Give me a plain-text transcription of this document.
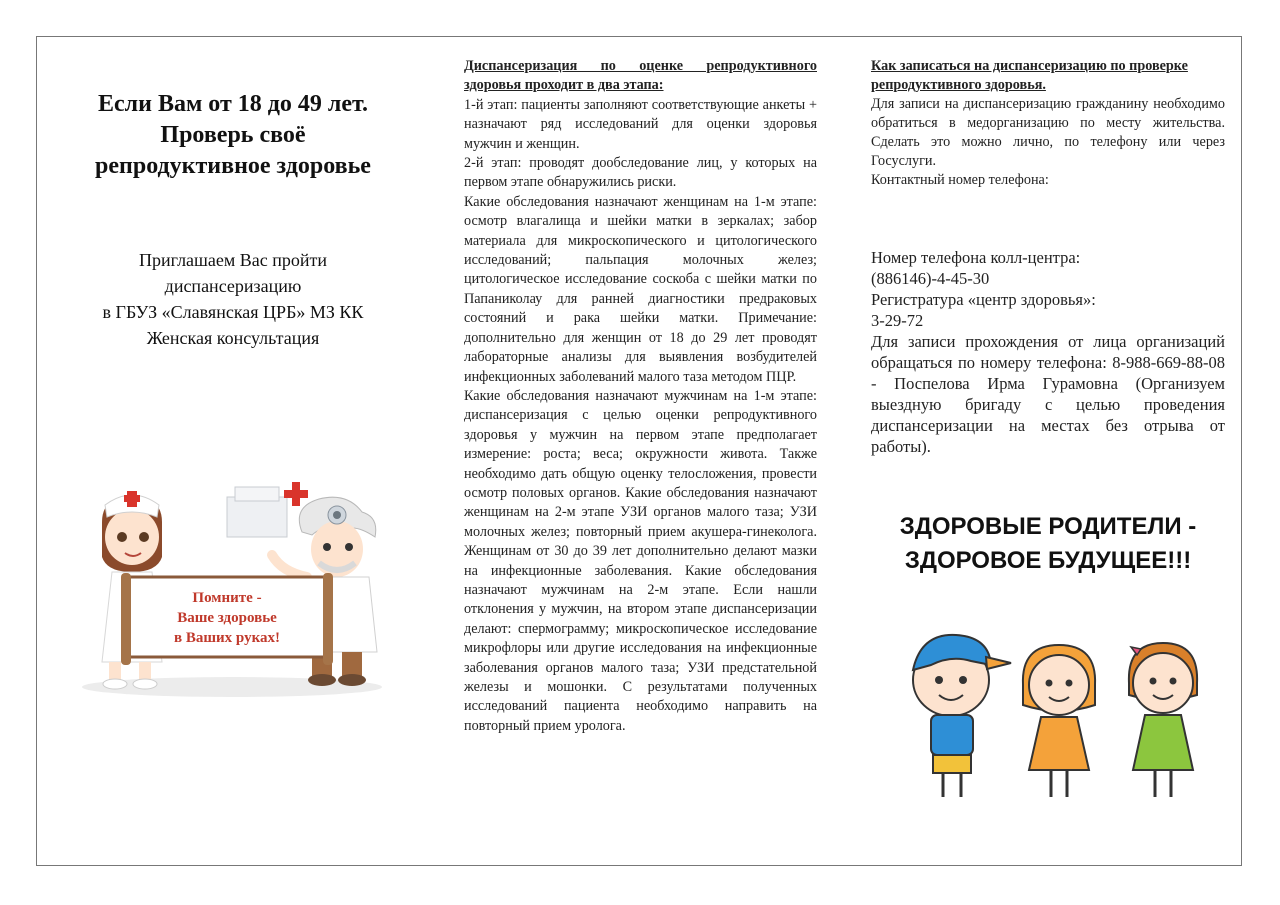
Если Вам от 18 до 49 лет.
Проверь своё
репродуктивное здоровье
Приглашаем Вас пройти
диспансеризацию
в ГБУЗ «Славянская ЦРБ» МЗ КК
Женская консультация
Помните -
Ваше здоровье
в Ваших руках!

Диспансеризация по оценке репродуктивного здоровья проходит в два этапа:

1-й этап: пациенты заполняют соответствующие анкеты + назначают ряд исследований для оценки здоровья мужчин и женщин.

2-й этап: проводят дообследование лиц, у которых на первом этапе обнаружились риски.

Какие обследования назначают женщинам на 1-м этапе: осмотр влагалища и шейки матки в зеркалах; забор материала для микроскопического и цитологического исследований; пальпация молочных желез; цитологическое исследование соскоба с шейки матки по Папаниколау для ранней диагностики предраковых состояний и рака шейки матки. Примечание: дополнительно для женщин от 18 до 29 лет проводят лабораторные анализы для выявления возбудителей инфекционных заболеваний малого таза методом ПЦР.

Какие обследования назначают мужчинам на 1-м этапе: диспансеризация с целью оценки репродуктивного здоровья у мужчин на первом этапе предполагает измерение: роста; веса; окружности живота. Также необходимо дать общую оценку телосложения, провести осмотр половых органов. Какие обследования назначают женщинам на 2-м этапе УЗИ органов малого таза; УЗИ молочных желез; повторный прием акушера-гинеколога. Женщинам от 30 до 39 лет дополнительно делают мазки на инфекционные заболевания. Какие обследования назначают мужчинам на 2-м этапе. Если нашли отклонения у мужчин, на втором этапе диспансеризации делают: спермограмму; микроскопическое исследование микрофлоры или другие исследования на инфекционные заболевания органов малого таза; УЗИ предстательной железы и мошонки. С результатами полученных исследований пациента необходимо направить на повторный прием уролога.

Как записаться на диспансеризацию по проверке репродуктивного здоровья.

Для записи на диспансеризацию гражданину необходимо обратиться в медорганизацию по месту жительства. Сделать это можно лично, по телефону или через Госуслуги.

Контактный номер телефона:

Номер телефона колл-центра:

(886146)-4-45-30

Регистратура «центр здоровья»:

3-29-72

Для записи прохождения от лица организаций обращаться по номеру телефона: 8-988-669-88-08 - Поспелова Ирма Гурамовна (Организуем выездную бригаду с целью проведения диспансеризации на местах без отрыва от работы).

ЗДОРОВЫЕ РОДИТЕЛИ -
ЗДОРОВОЕ БУДУЩЕЕ!!!
